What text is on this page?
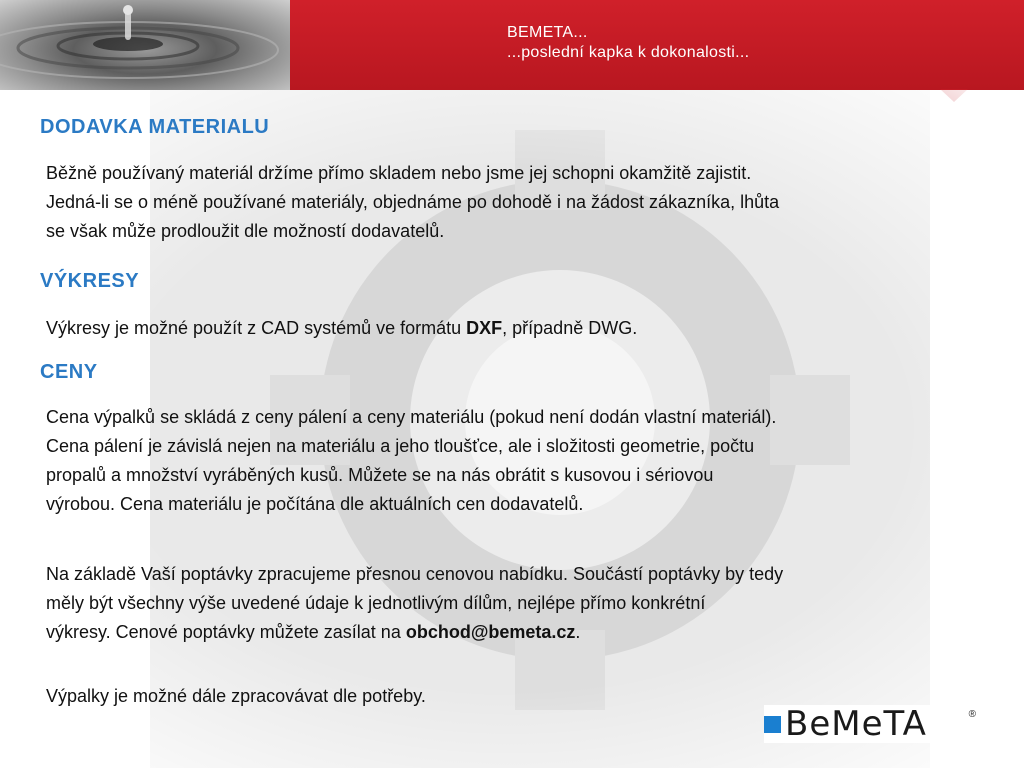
BEMETA...
...poslední kapka k dokonalosti...
DODAVKA MATERIALU
Běžně používaný materiál držíme přímo skladem nebo jsme jej schopni okamžitě zajistit.
Jedná-li se o méně používané materiály, objednáme po dohodě i na žádost zákazníka, lhůta
se však může prodloužit dle možností dodavatelů.
VÝKRESY
Výkresy je možné použít z CAD systémů ve formátu DXF, případně DWG.
CENY
Cena výpalků se skládá z ceny pálení a ceny materiálu (pokud není dodán vlastní materiál).
Cena pálení je závislá nejen na materiálu a jeho tloušťce, ale i složitosti geometrie, počtu
propalů a množství vyráběných kusů. Můžete se na nás obrátit s kusovou i sériovou
výrobou. Cena materiálu je počítána dle aktuálních cen dodavatelů.
Na základě Vaší poptávky zpracujeme přesnou cenovou nabídku. Součástí poptávky by tedy
měly být všechny výše uvedené údaje k jednotlivým dílům, nejlépe přímo konkrétní
výkresy. Cenové poptávky můžete zasílat na obchod@bemeta.cz.
Výpalky je možné dále zpracovávat dle potřeby.
BeMeTA	®
